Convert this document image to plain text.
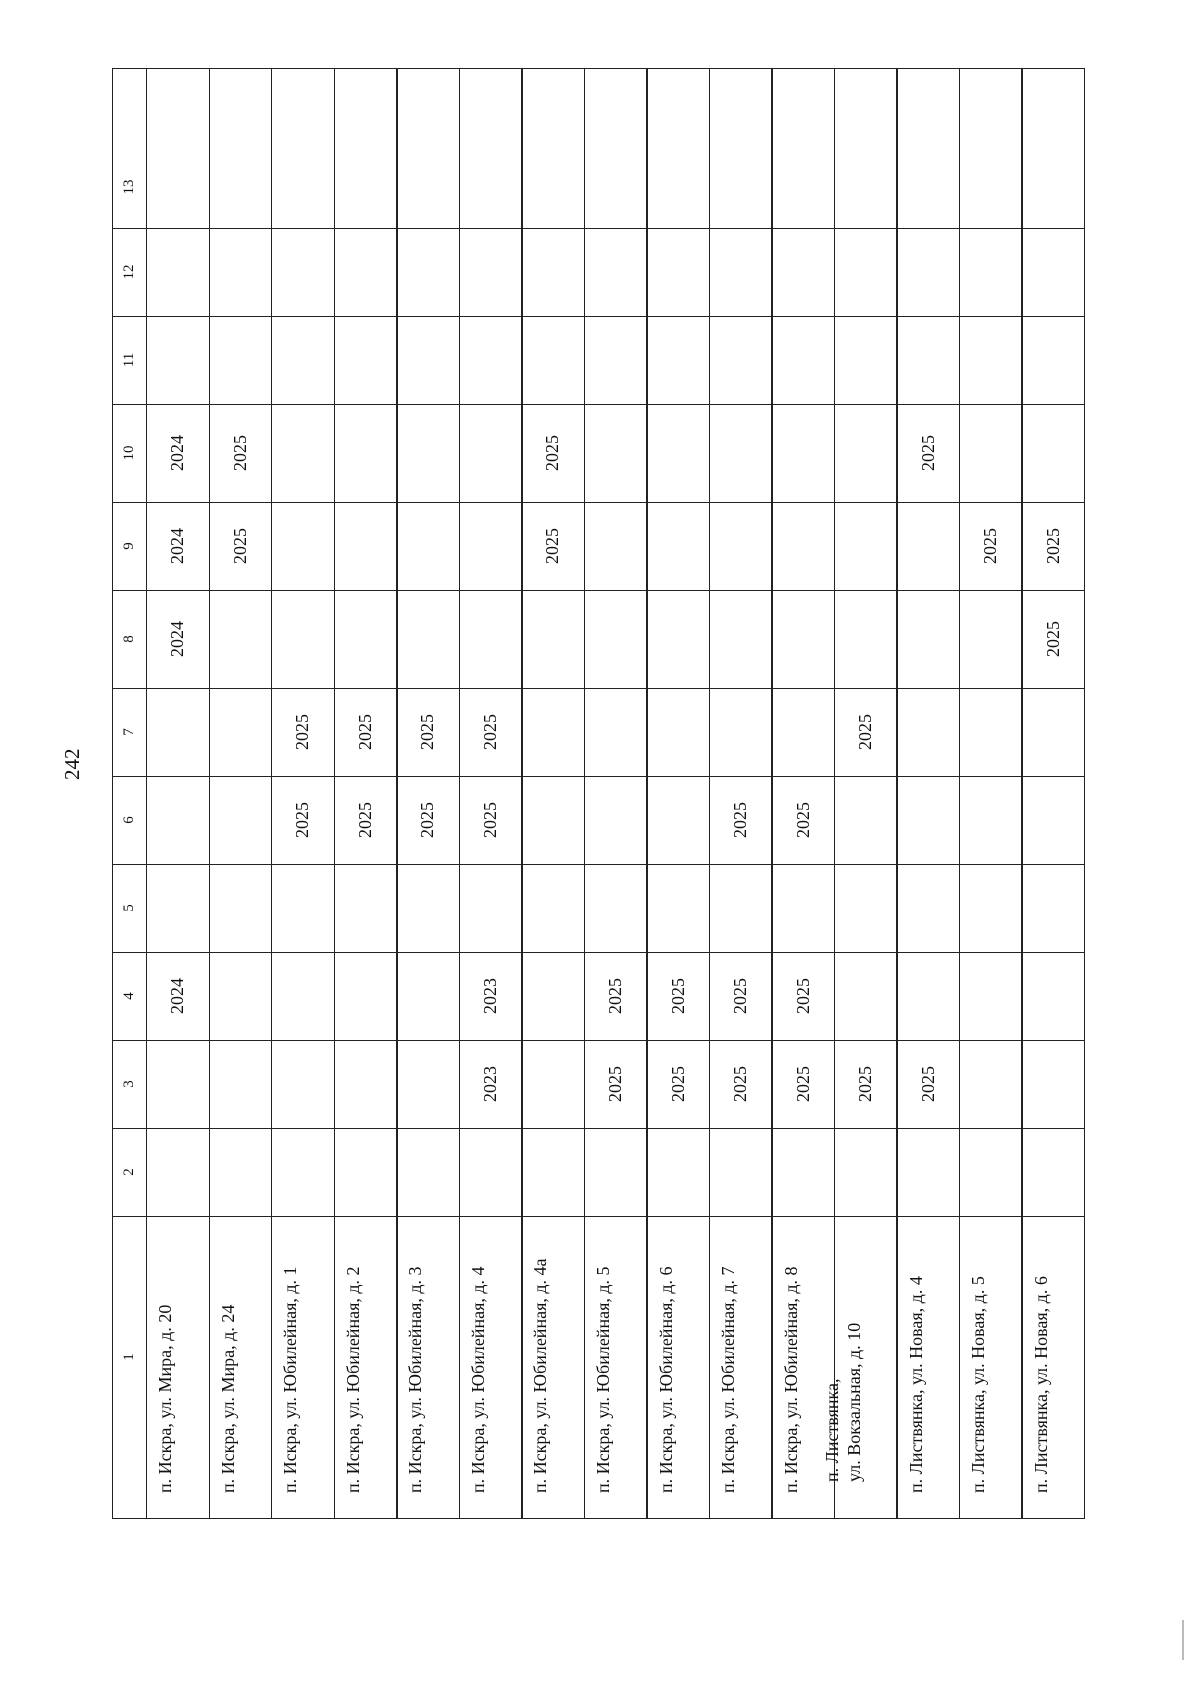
242
1
2
3
4
5
6
7
8
9
10
11
12
13
п. Искра, ул. Мира, д. 20
2024
2024
2024
2024
п. Искра, ул. Мира, д. 24
2025
2025
п. Искра, ул. Юбилейная, д. 1
2025
2025
п. Искра, ул. Юбилейная, д. 2
2025
2025
п. Искра, ул. Юбилейная, д. 3
2025
2025
п. Искра, ул. Юбилейная, д. 4
2023
2023
2025
2025
п. Искра, ул. Юбилейная, д. 4а
2025
2025
п. Искра, ул. Юбилейная, д. 5
2025
2025
п. Искра, ул. Юбилейная, д. 6
2025
2025
п. Искра, ул. Юбилейная, д. 7
2025
2025
2025
п. Искра, ул. Юбилейная, д. 8
2025
2025
2025
п. Листвянка, ул. Вокзальная, д. 10
2025
2025
п. Листвянка, ул. Новая, д. 4
2025
2025
п. Листвянка, ул. Новая, д. 5
2025
п. Листвянка, ул. Новая, д. 6
2025
2025
